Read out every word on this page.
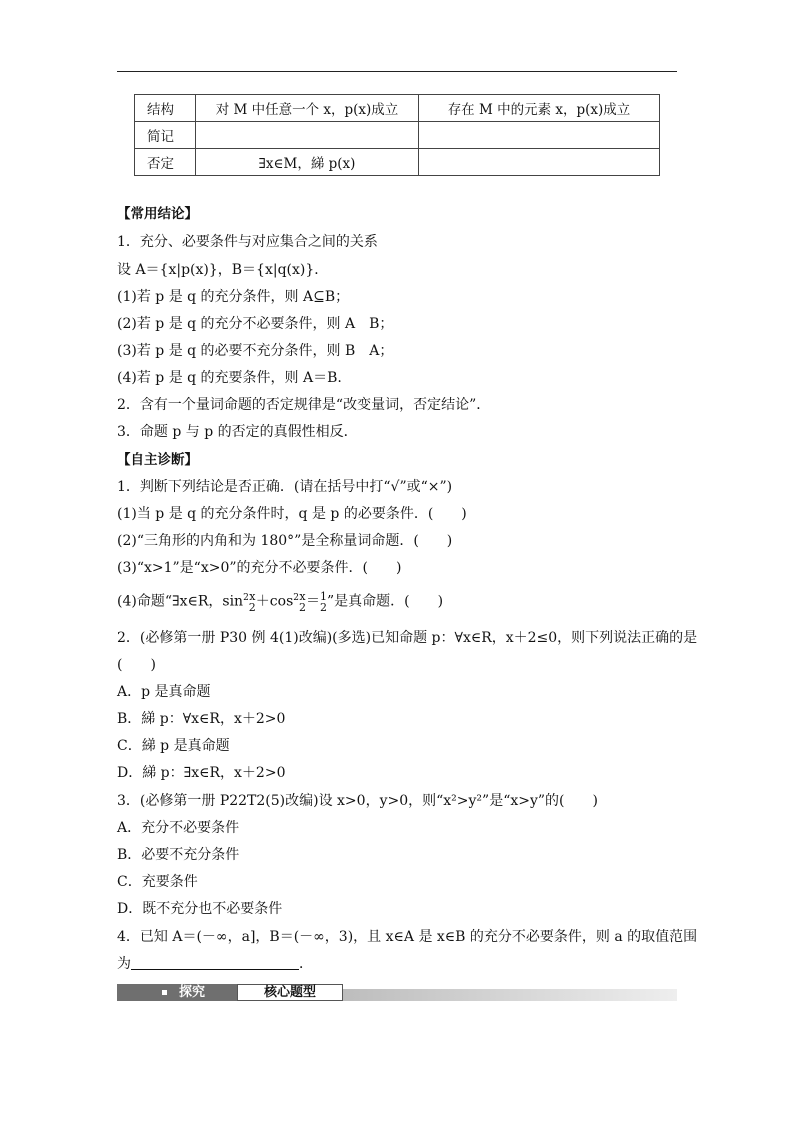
结构	对 M 中任意一个 x，p(x)成立	存在 M 中的元素 x，p(x)成立
简记		
否定	∃x∈M，綈 p(x)	
【常用结论】
1．充分、必要条件与对应集合之间的关系
设 A＝{x|p(x)}，B＝{x|q(x)}．
(1)若 p 是 q 的充分条件，则 A⊆B；
(2)若 p 是 q 的充分不必要条件，则 A　B；
(3)若 p 是 q 的必要不充分条件，则 B　A；
(4)若 p 是 q 的充要条件，则 A＝B.
2．含有一个量词命题的否定规律是“改变量词，否定结论”．
3．命题 p 与 p 的否定的真假性相反．
【自主诊断】
1．判断下列结论是否正确．(请在括号中打“√”或“×”)
(1)当 p 是 q 的充分条件时，q 是 p 的必要条件．(　　)
(2)“三角形的内角和为 180°”是全称量词命题．(　　)
(3)“x>1”是“x>0”的充分不必要条件．(　　)
(4)命题“∃x∈R，$\sin^2 x$
$2 +\cos^2$ x
2 ＝ 1
2 ”是真命题．(　　)
2．(必修第一册 P30 例 4(1)改编)(多选)已知命题 p：∀x∈R，x＋2≤0，则下列说法正确的是
(　　)
A．p 是真命题
B．綈 p：∀x∈R，x＋2>0
C．綈 p 是真命题
D．綈 p：∃x∈R，x＋2>0
3．(必修第一册 P22T2(5)改编)设 x>0，y>0，则“x²>y²”是“x>y”的(　　)
A．充分不必要条件
B．必要不充分条件
C．充要条件
D．既不充分也不必要条件
4．已知 A＝(－∞，a]，B＝(－∞，3)，且 x∈A 是 x∈B 的充分不必要条件，则 a 的取值范围
为	．
探究	核心题型
